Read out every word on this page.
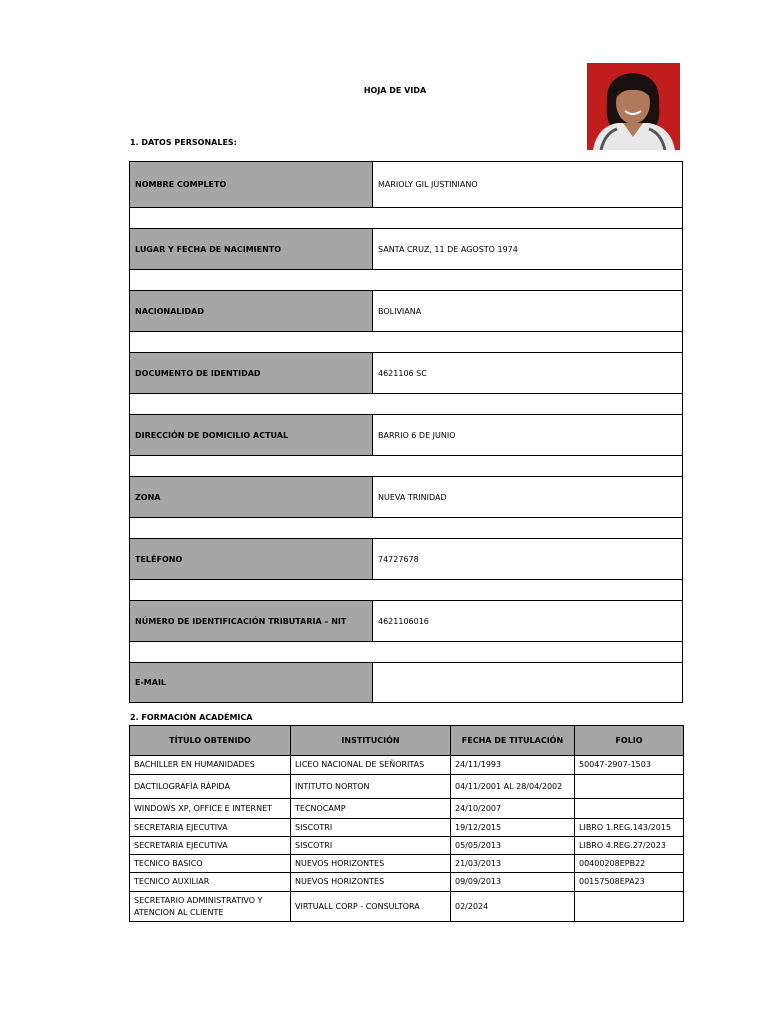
HOJA DE VIDA
1. DATOS PERSONALES:
NOMBRE COMPLETO	MARIOLY GIL JUSTINIANO

LUGAR Y FECHA DE NACIMIENTO	SANTA CRUZ, 11 DE AGOSTO 1974

NACIONALIDAD	BOLIVIANA

DOCUMENTO DE IDENTIDAD	4621106 SC

DIRECCIÓN DE DOMICILIO ACTUAL	BARRIO 6 DE JUNIO

ZONA	NUEVA TRINIDAD

TELÉFONO	74727678

NÚMERO DE IDENTIFICACIÓN TRIBUTARIA – NIT	4621106016

E-MAIL	
2. FORMACIÓN ACADÉMICA
TÍTULO OBTENIDO	INSTITUCIÓN	FECHA DE TITULACIÓN	FOLIO
BACHILLER EN HUMANIDADES	LICEO NACIONAL DE SEÑORITAS	24/11/1993	50047-2907-1503
DACTILOGRAFÍA RÁPIDA	INTITUTO NORTON	04/11/2001 AL 28/04/2002	
WINDOWS XP, OFFICE E INTERNET	TECNOCAMP	24/10/2007	
SECRETARIA EJECUTIVA	SISCOTRI	19/12/2015	LIBRO 1.REG.143/2015
SECRETARIA EJECUTIVA	SISCOTRI	05/05/2013	LIBRO 4.REG.27/2023
TECNICO BASICO	NUEVOS HORIZONTES	21/03/2013	00400208EPB22
TECNICO AUXILIAR	NUEVOS HORIZONTES	09/09/2013	00157508EPA23
SECRETARIO ADMINISTRATIVO Y ATENCION AL CLIENTE	VIRTUALL CORP - CONSULTORA	02/2024	
